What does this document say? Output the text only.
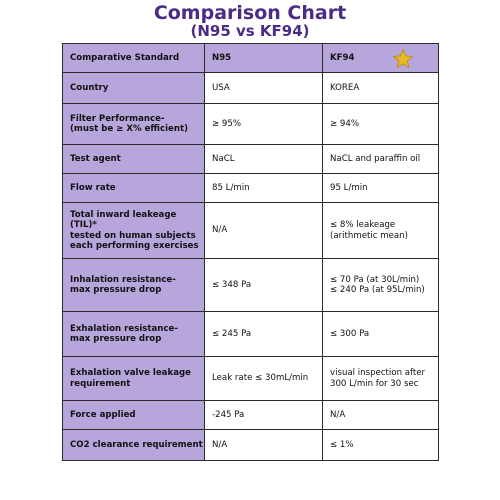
Comparison Chart
(N95 vs KF94)
Comparative Standard	N95	KF94

Country	USA	KOREA

Filter Performance-
(must be ≥ X% efficient)	≥ 95%	≥ 94%

Test agent	NaCL	NaCL and paraffin oil

Flow rate	85 L/min	95 L/min

Total inward leakeage (TIL)*
tested on human subjects
each performing exercises	N/A	≤ 8% leakeage
(arithmetic mean)

Inhalation resistance-
max pressure drop	≤ 348 Pa	≤ 70 Pa (at 30L/min)
≤ 240 Pa (at 95L/min)

Exhalation resistance-
max pressure drop	≤ 245 Pa	≤ 300 Pa

Exhalation valve leakage
requirement	Leak rate ≤ 30mL/min	visual inspection after
300 L/min for 30 sec

Force applied	-245 Pa	N/A

CO2 clearance requirement	N/A	≤ 1%
